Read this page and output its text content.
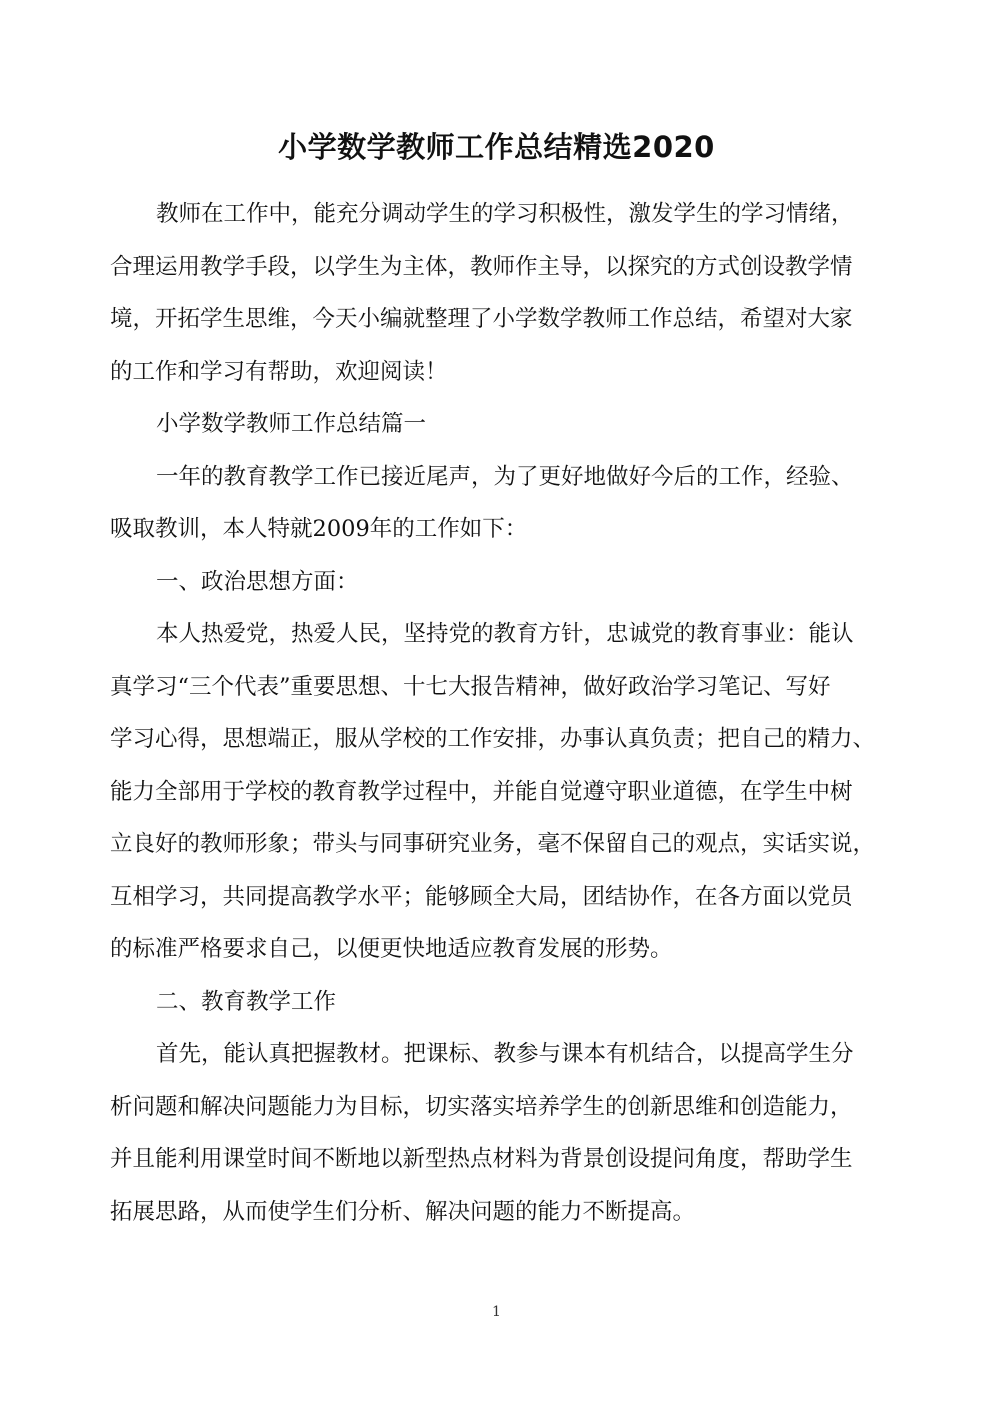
小学数学教师工作总结精选2020

教师在工作中，能充分调动学生的学习积极性，激发学生的学习情绪，

合理运用教学手段，以学生为主体，教师作主导，以探究的方式创设教学情

境，开拓学生思维，今天小编就整理了小学数学教师工作总结，希望对大家

的工作和学习有帮助，欢迎阅读！

小学数学教师工作总结篇一

一年的教育教学工作已接近尾声，为了更好地做好今后的工作，经验、

吸取教训，本人特就2009年的工作如下：

一、政治思想方面：

本人热爱党，热爱人民，坚持党的教育方针，忠诚党的教育事业：能认

真学习“三个代表”重要思想、十七大报告精神，做好政治学习笔记、写好

学习心得，思想端正，服从学校的工作安排，办事认真负责；把自己的精力、

能力全部用于学校的教育教学过程中，并能自觉遵守职业道德，在学生中树

立良好的教师形象；带头与同事研究业务，毫不保留自己的观点，实话实说，

互相学习，共同提高教学水平；能够顾全大局，团结协作，在各方面以党员

的标准严格要求自己，以便更快地适应教育发展的形势。

二、教育教学工作

首先，能认真把握教材。把课标、教参与课本有机结合，以提高学生分

析问题和解决问题能力为目标，切实落实培养学生的创新思维和创造能力，

并且能利用课堂时间不断地以新型热点材料为背景创设提问角度，帮助学生

拓展思路，从而使学生们分析、解决问题的能力不断提高。

1
